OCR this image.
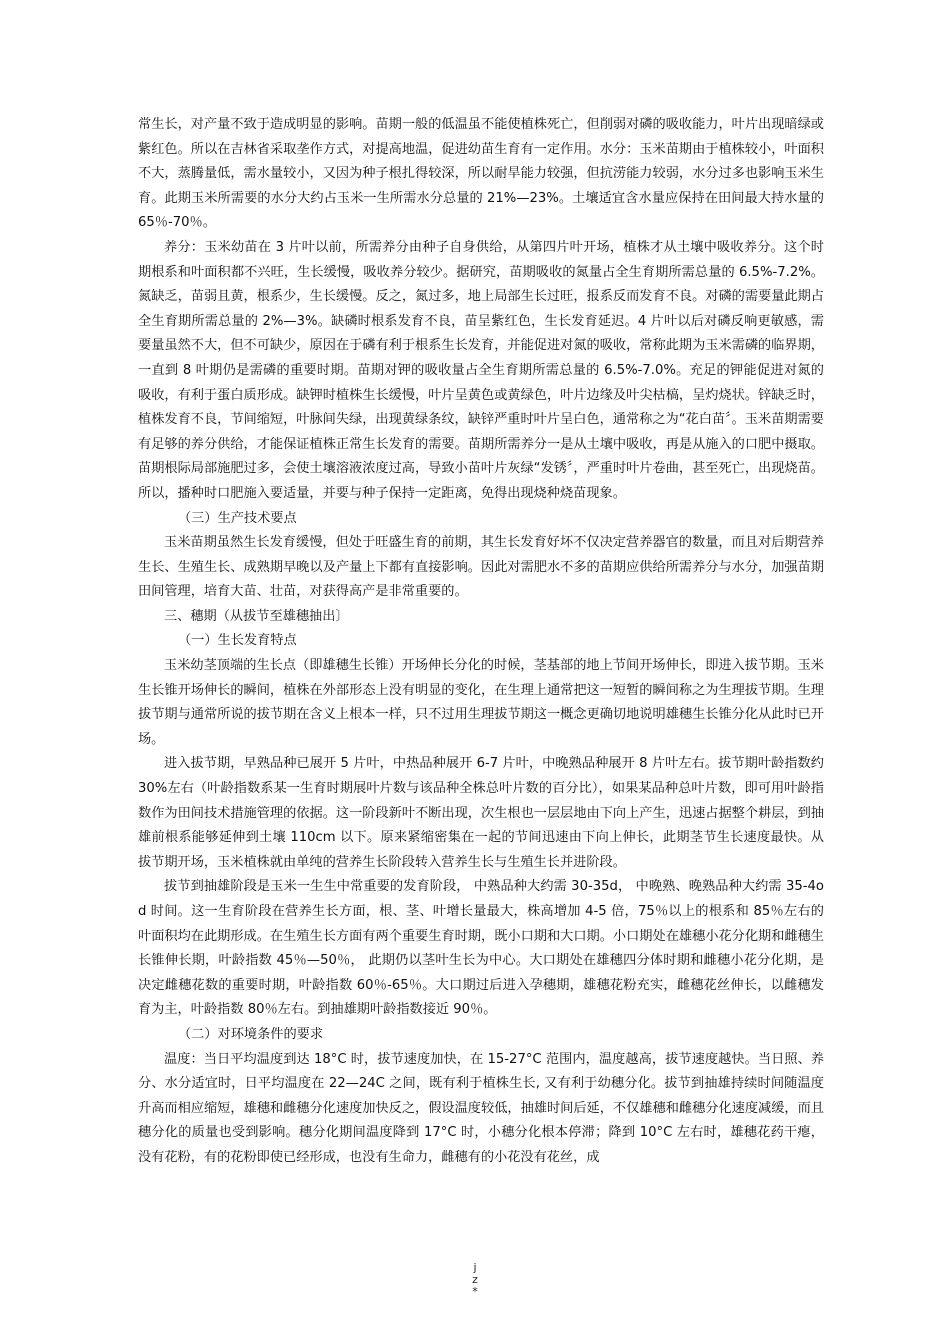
常生长，对产量不致于造成明显的影响。苗期一般的低温虽不能使植株死亡，但削弱对磷的吸收能力，叶片出现暗绿或紫红色。所以在吉林省采取垄作方式，对提高地温，促进幼苗生育有一定作用。水分：玉米苗期由于植株较小，叶面积不大，蒸腾量低，需水量较小，又因为种子根扎得较深，所以耐旱能力较强，但抗涝能力较弱，水分过多也影响玉米生育。此期玉米所需要的水分大约占玉米一生所需水分总量的 21%—23%。土壤适宜含水量应保持在田间最大持水量的 65％-70％。

养分：玉米幼苗在 3 片叶以前，所需养分由种子自身供给，从第四片叶开场，植株才从土壤中吸收养分。这个时期根系和叶面积都不兴旺，生长缓慢，吸收养分较少。据研究，苗期吸收的氮量占全生育期所需总量的 6.5%-7.2%。氮缺乏，苗弱且黄，根系少，生长缓慢。反之，氮过多，地上局部生长过旺，报系反而发育不良。对磷的需要量此期占全生育期所需总量的 2%—3%。缺磷时根系发育不良，苗呈紫红色，生长发育延迟。4 片叶以后对磷反响更敏感，需要量虽然不大，但不可缺少，原因在于磷有利于根系生长发育，并能促进对氮的吸收，常称此期为玉米需磷的临界期，一直到 8 叶期仍是需磷的重要时期。苗期对钾的吸收量占全生育期所需总量的 6.5%-7.0%。充足的钾能促进对氮的吸收，有利于蛋白质形成。缺钾时植株生长缓慢，叶片呈黄色或黄绿色，叶片边缘及叶尖枯槁，呈灼烧状。锌缺乏时，植株发育不良，节间缩短，叶脉间失绿，出现黄绿条纹，缺锌严重时叶片呈白色，通常称之为“花白苗〞。玉米苗期需要有足够的养分供给，才能保证植株正常生长发育的需要。苗期所需养分一是从土壤中吸收，再是从施入的口肥中摄取。苗期根际局部施肥过多，会使土壤溶液浓度过高，导致小苗叶片灰绿“发锈〞，严重时叶片卷曲，甚至死亡，出现烧苗。所以，播种时口肥施入要适量，并要与种子保持一定距离，免得出现烧种烧苗现象。

（三）生产技术要点

玉米苗期虽然生长发育缓慢，但处于旺盛生育的前期，其生长发育好坏不仅决定营养器官的数量，而且对后期营养生长、生殖生长、成熟期早晚以及产量上下都有直接影响。因此对需肥水不多的苗期应供给所需养分与水分，加强苗期田间管理，培育大苗、壮苗，对获得高产是非常重要的。

三、穗期（从拔节至雄穗抽出〕

（一）生长发育特点

玉米幼茎顶端的生长点（即雄穗生长锥）开场伸长分化的时候，茎基部的地上节间开场伸长，即进入拔节期。玉米生长锥开场伸长的瞬间，植株在外部形态上没有明显的变化，在生理上通常把这一短暂的瞬间称之为生理拔节期。生理拔节期与通常所说的拔节期在含义上根本一样，只不过用生理拔节期这一概念更确切地说明雄穗生长锥分化从此时已开场。

进入拔节期，早熟品种已展开 5 片叶，中热品种展开 6-7 片叶，中晚熟品种展开 8 片叶左右。拔节期叶龄指数约 30%左右（叶龄指数系某一生育时期展叶片数与该品种全株总叶片数的百分比），如果某品种总叶片数，即可用叶龄指数作为田间技术措施管理的依据。这一阶段新叶不断出现，次生根也一层层地由下向上产生，迅速占据整个耕层，到抽雄前根系能够延伸到土壤 110cm 以下。原来紧缩密集在一起的节间迅速由下向上伸长，此期茎节生长速度最快。从拔节期开场，玉米植株就由单纯的营养生长阶段转入营养生长与生殖生长并进阶段。

拔节到抽雄阶段是玉米一生生中常重要的发育阶段， 中熟品种大约需 30-35d， 中晚熟、晚熟品种大约需 35-4od 时间。这一生育阶段在营养生长方面，根、茎、叶增长量最大，株高增加 4-5 倍，75％以上的根系和 85％左右的叶面积均在此期形成。在生殖生长方面有两个重要生育时期，既小口期和大口期。小口期处在雄穗小花分化期和雌穗生长锥伸长期，叶龄指数 45％—50％， 此期仍以茎叶生长为中心。大口期处在雄穗四分体时期和雌穗小花分化期，是决定雌穗花数的重要时期，叶龄指数 60％-65％。大口期过后进入孕穗期，雄穗花粉充实，雌穗花丝伸长，以雌穗发育为主，叶龄指数 80％左右。到抽雄期叶龄指数接近 90％。

（二）对环境条件的要求

温度：当日平均温度到达 18°C 时，拔节速度加快，在 15-27°C 范围内，温度越高，拔节速度越快。当日照、养分、水分适宜时，日平均温度在 22—24C 之间，既有利于植株生长, 又有利于幼穗分化。拔节到抽雄持续时间随温度升高而相应缩短，雄穗和雌穗分化速度加快反之，假设温度较低，抽雄时间后延，不仅雄穗和雌穗分化速度减缓，而且穗分化的质量也受到影响。穗分化期间温度降到 17°C 时，小穗分化根本停滞；降到 10°C 左右时，雄穗花药干瘪，没有花粉，有的花粉即使已经形成，也没有生命力，雌穗有的小花没有花丝，成

j
z
*
